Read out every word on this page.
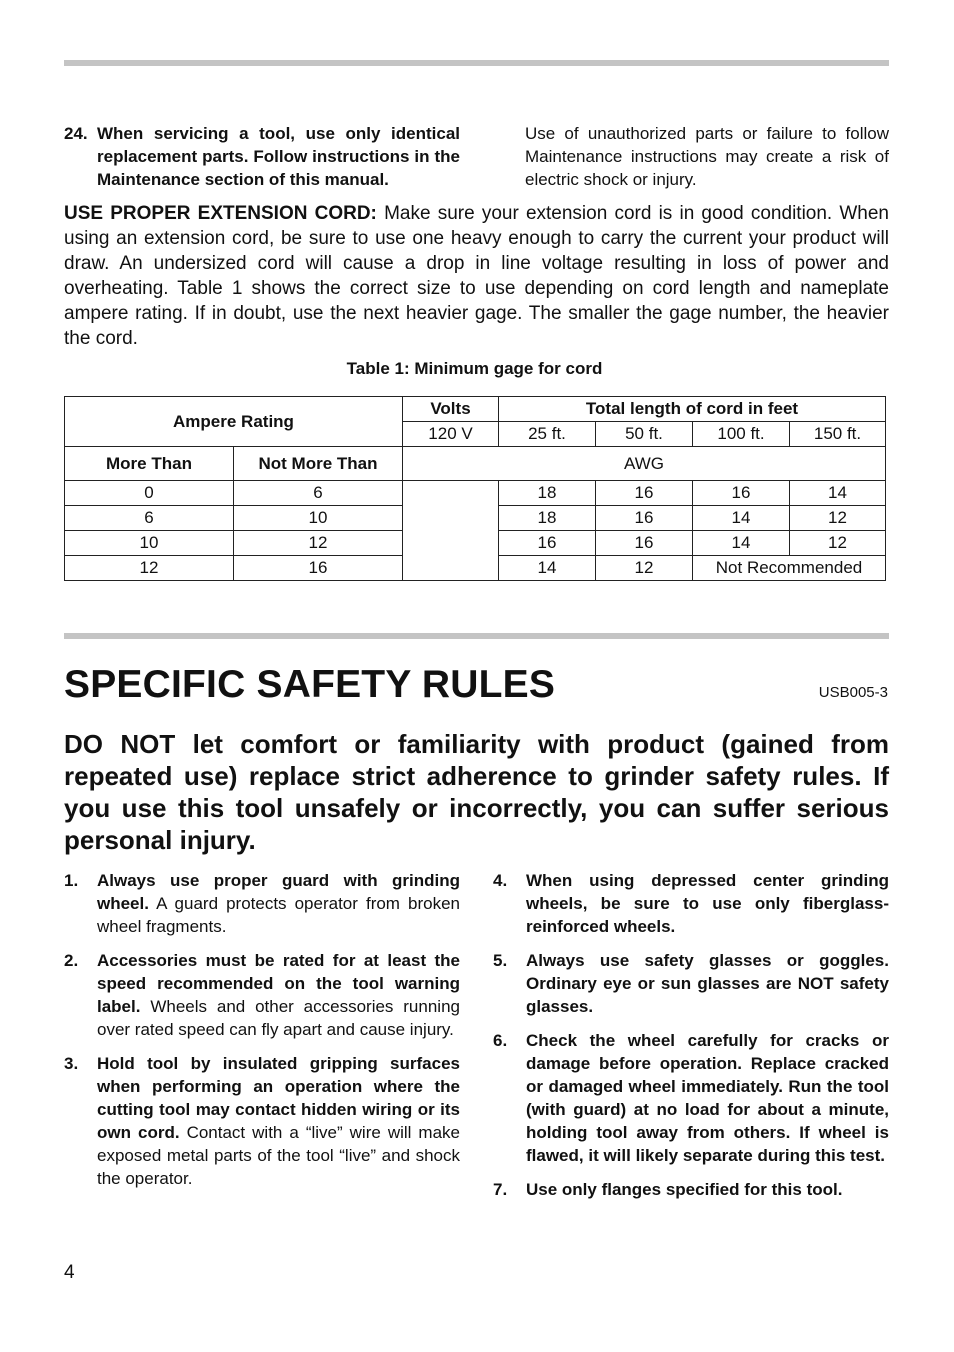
24. When servicing a tool, use only identical replacement parts. Follow instructions in the Maintenance section of this manual.
Use of unauthorized parts or failure to follow Maintenance instructions may create a risk of electric shock or injury.
USE PROPER EXTENSION CORD: Make sure your extension cord is in good condition. When using an extension cord, be sure to use one heavy enough to carry the current your product will draw. An undersized cord will cause a drop in line voltage resulting in loss of power and overheating. Table 1 shows the correct size to use depending on cord length and nameplate ampere rating. If in doubt, use the next heavier gage. The smaller the gage number, the heavier the cord.
Table 1: Minimum gage for cord
Ampere Rating		Volts	Total length of cord in feet			
		120 V	25 ft.	50 ft.	100 ft.	150 ft.
More Than	Not More Than	AWG				
0	6		18	16	16	14
6	10		18	16	14	12
10	12		16	16	14	12
12	16		14	12	Not Recommended	
SPECIFIC SAFETY RULES	USB005-3
DO NOT let comfort or familiarity with product (gained from repeated use) replace strict adherence to grinder safety rules. If you use this tool unsafely or incorrectly, you can suffer serious personal injury.
1. Always use proper guard with grinding wheel. A guard protects operator from broken wheel fragments.
2. Accessories must be rated for at least the speed recommended on the tool warning label. Wheels and other accessories running over rated speed can fly apart and cause injury.
3. Hold tool by insulated gripping surfaces when performing an operation where the cutting tool may contact hidden wiring or its own cord. Contact with a “live” wire will make exposed metal parts of the tool “live” and shock the operator.
4. When using depressed center grinding wheels, be sure to use only fiberglass-reinforced wheels.
5. Always use safety glasses or goggles. Ordinary eye or sun glasses are NOT safety glasses.
6. Check the wheel carefully for cracks or damage before operation. Replace cracked or damaged wheel immediately. Run the tool (with guard) at no load for about a minute, holding tool away from others. If wheel is flawed, it will likely separate during this test.
7. Use only flanges specified for this tool.
4
